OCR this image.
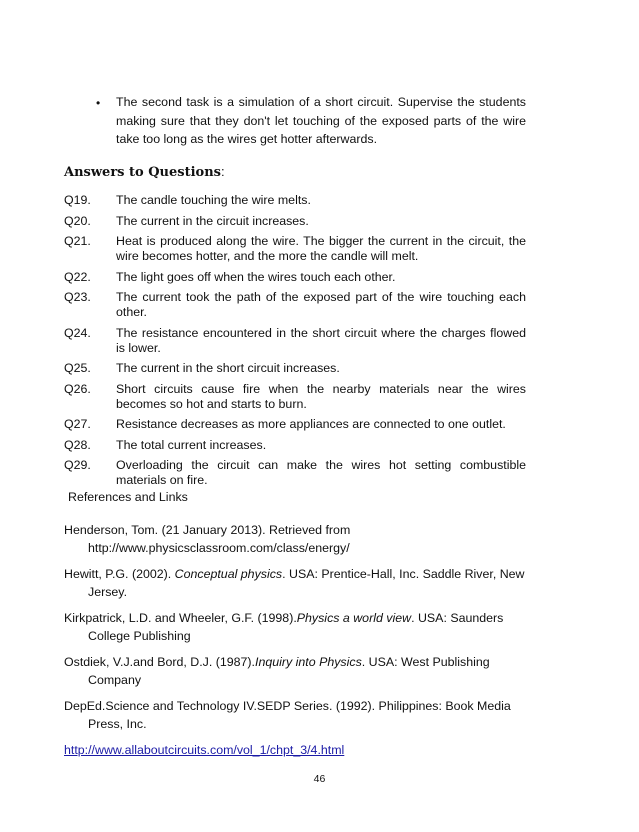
• The second task is a simulation of a short circuit. Supervise the students making sure that they don't let touching of the exposed parts of the wire take too long as the wires get hotter afterwards.
Answers to Questions:
Q19.	The candle touching the wire melts.
Q20.	The current in the circuit increases.
Q21.	Heat is produced along the wire. The bigger the current in the circuit, the wire becomes hotter, and the more the candle will melt.
Q22.	The light goes off when the wires touch each other.
Q23.	The current took the path of the exposed part of the wire touching each other.
Q24.	The resistance encountered in the short circuit where the charges flowed is lower.
Q25.	The current in the short circuit increases.
Q26.	Short circuits cause fire when the nearby materials near the wires becomes so hot and starts to burn.
Q27.	Resistance decreases as more appliances are connected to one outlet.
Q28.	The total current increases.
Q29.	Overloading the circuit can make the wires hot setting combustible materials on fire.
References and Links
Henderson, Tom. (21 January 2013). Retrieved from http://www.physicsclassroom.com/class/energy/
Hewitt, P.G. (2002). Conceptual physics. USA: Prentice-Hall, Inc. Saddle River, New Jersey.
Kirkpatrick, L.D. and Wheeler, G.F. (1998).Physics a world view. USA: Saunders College Publishing
Ostdiek, V.J.and Bord, D.J. (1987).Inquiry into Physics. USA: West Publishing Company
DepEd.Science and Technology IV.SEDP Series. (1992). Philippines: Book Media Press, Inc.
http://www.allaboutcircuits.com/vol_1/chpt_3/4.html
46
